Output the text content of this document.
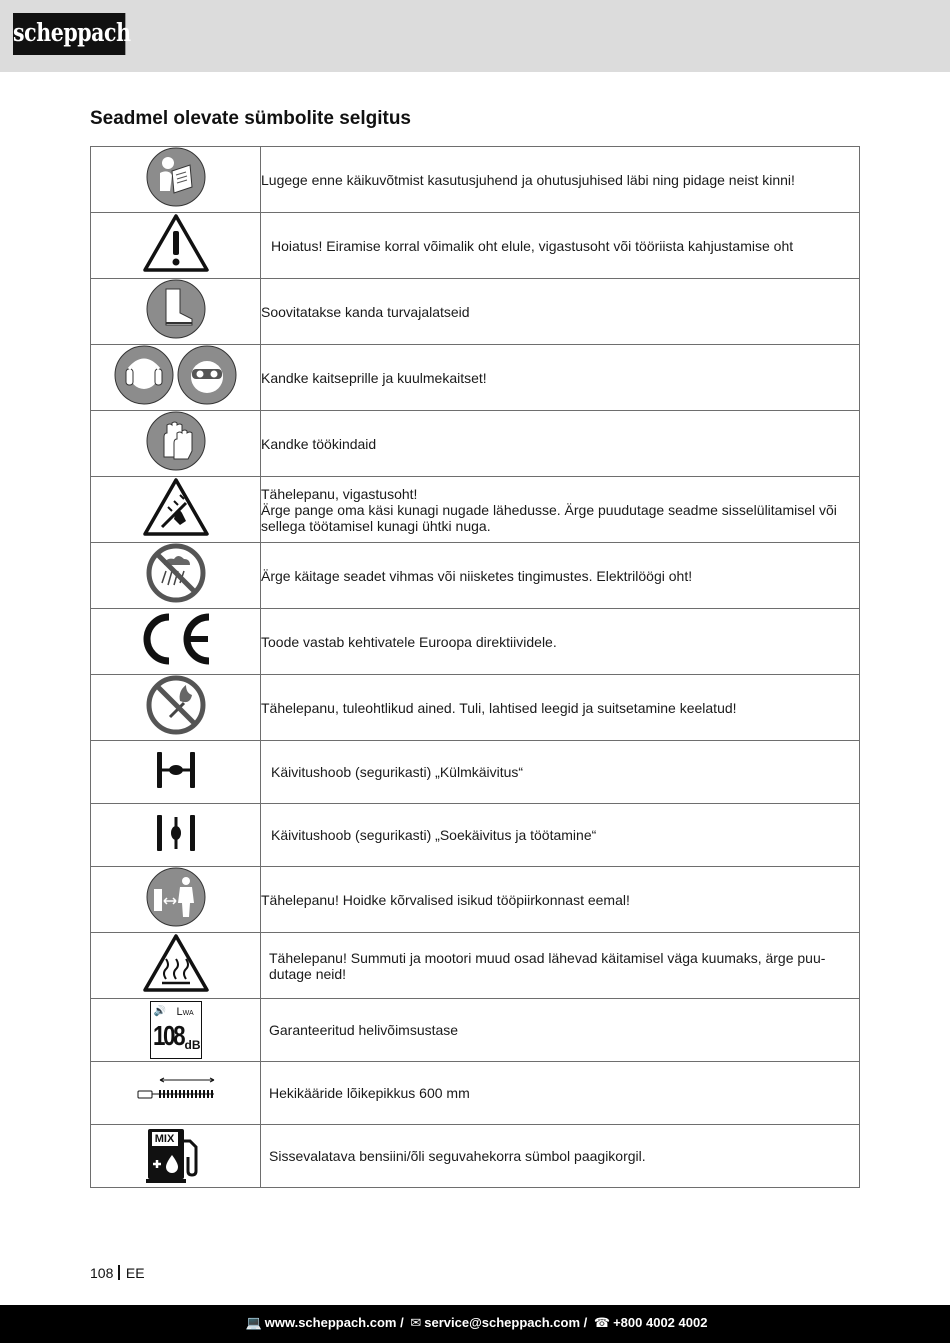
scheppach
Seadmel olevate sümbolite selgitus

Lugege enne käikuvõtmist kasutusjuhend ja ohutusjuhised läbi ning pidage neist kinni!

Hoiatus! Eiramise korral võimalik oht elule, vigastusoht või tööriista kahjustamise oht

Soovitatakse kanda turvajalatseid

Kandke kaitseprille ja kuulmekaitset!

Kandke töökindaid

Tähelepanu, vigastusoht!
Ärge pange oma käsi kunagi nugade lähedusse. Ärge puudutage seadme sisselülitamisel või sellega töötamisel kunagi ühtki nuga.

Ärge käitage seadet vihmas või niisketes tingimustes. Elektrilöögi oht!

Toode vastab kehtivatele Euroopa direktiividele.

Tähelepanu, tuleohtlikud ained. Tuli, lahtised leegid ja suitsetamine keelatud!

Käivitushoob (segurikasti) „Külmkäivitus“

Käivitushoob (segurikasti) „Soekäivitus ja töötamine“

Tähelepanu! Hoidke kõrvalised isikud tööpiirkonnast eemal!

Tähelepanu! Summuti ja mootori muud osad lähevad käitamisel väga kuumaks, ärge puu-dutage neid!

🔊 LWA
108 dB	Garanteeritud helivõimsustase

Hekikääride lõikepikkus 600 mm

MIX	Sissevalatava bensiini/õli seguvahekorra sümbol paagikorgil.
108 EE
💻 www.scheppach.com / ✉ service@scheppach.com / ☎ +800 4002 4002
